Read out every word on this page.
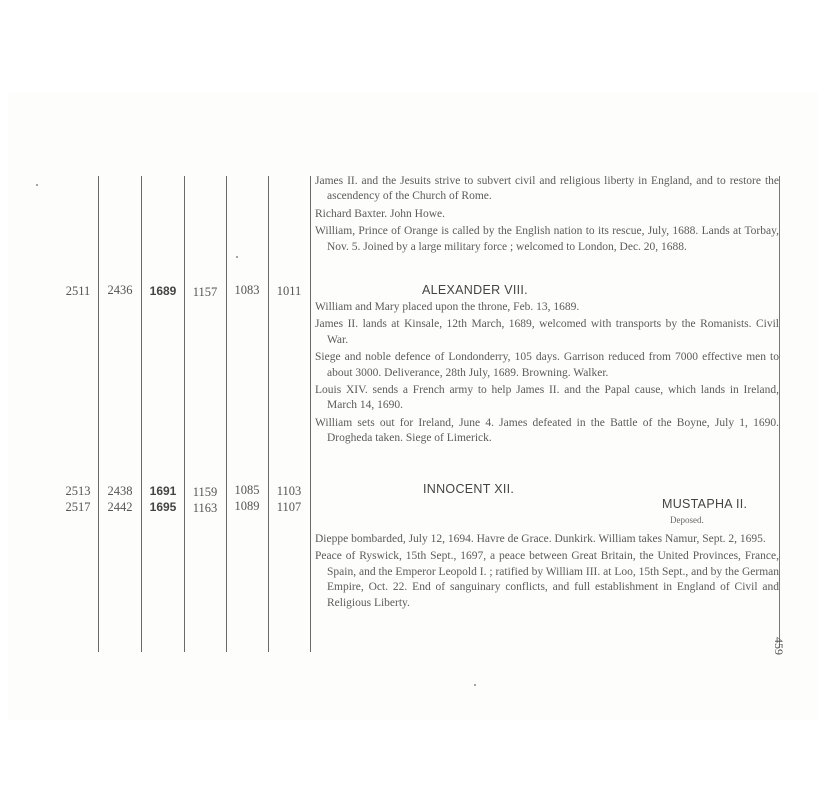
2511	2436	1689	1157	1083	1011
2513	2438	1691	1159	1085	1103
2517	2442	1695	1163	1089	1107
James II. and the Jesuits strive to subvert civil and religious liberty in England, and to restore the ascendency of the Church of Rome.
Richard Baxter. John Howe.
William, Prince of Orange is called by the English nation to its rescue, July, 1688. Lands at Torbay, Nov. 5. Joined by a large military force ; welcomed to London, Dec. 20, 1688.
ALEXANDER VIII.
William and Mary placed upon the throne, Feb. 13, 1689.
James II. lands at Kinsale, 12th March, 1689, welcomed with transports by the Romanists. Civil War.
Siege and noble defence of Londonderry, 105 days. Garrison reduced from 7000 effective men to about 3000. Deliverance, 28th July, 1689. Browning. Walker.
Louis XIV. sends a French army to help James II. and the Papal cause, which lands in Ireland, March 14, 1690.
William sets out for Ireland, June 4. James defeated in the Battle of the Boyne, July 1, 1690. Drogheda taken. Siege of Limerick.
INNOCENT XII.
MUSTAPHA II.
Deposed.
Dieppe bombarded, July 12, 1694. Havre de Grace. Dunkirk. William takes Namur, Sept. 2, 1695.
Peace of Ryswick, 15th Sept., 1697, a peace between Great Britain, the United Provinces, France, Spain, and the Emperor Leopold I. ; ratified by William III. at Loo, 15th Sept., and by the German Empire, Oct. 22. End of sanguinary conflicts, and full establishment in England of Civil and Religious Liberty.
459
